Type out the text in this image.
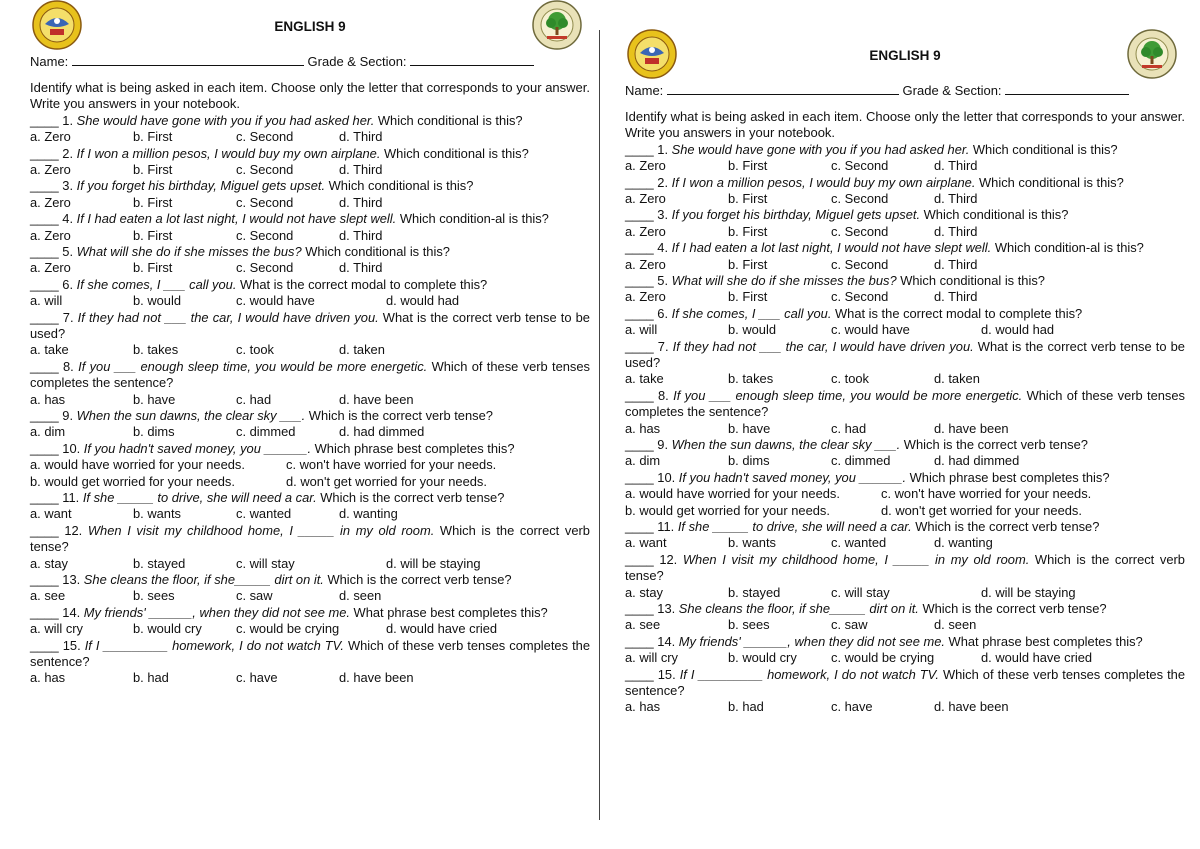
ENGLISH 9
Name:	Grade & Section:
Identify what is being asked in each item. Choose only the letter that corresponds to your answer. Write you answers in your notebook.
____ 1. She would have gone with you if you had asked her. Which conditional is this?
a. Zero	b. First	c. Second	d. Third
____ 2. If I won a million pesos, I would buy my own airplane. Which conditional is this?
a. Zero	b. First	c. Second	d. Third
____ 3. If you forget his birthday, Miguel gets upset. Which conditional is this?
a. Zero	b. First	c. Second	d. Third
____ 4. If I had eaten a lot last night, I would not have slept well. Which condition-al is this?
a. Zero	b. First	c. Second	d. Third
____ 5. What will she do if she misses the bus? Which conditional is this?
a. Zero	b. First	c. Second	d. Third
____ 6. If she comes, I ___ call you. What is the correct modal to complete this?
a. will	b. would	c. would have	d. would had
____ 7. If they had not ___ the car, I would have driven you. What is the correct verb tense to be used?
a. take	b. takes	c. took	d. taken
____ 8. If you ___ enough sleep time, you would be more energetic. Which of these verb tenses completes the sentence?
a. has	b. have	c. had	d. have been
____ 9. When the sun dawns, the clear sky ___. Which is the correct verb tense?
a. dim	b. dims	c. dimmed	d. had dimmed
____ 10. If you hadn't saved money, you ______. Which phrase best completes this?
a. would have worried for your needs.	c. won't have worried for your needs.
b. would get worried for your needs.	d. won't get worried for your needs.
____ 11. If she _____ to drive, she will need a car. Which is the correct verb tense?
a. want	b. wants	c. wanted	d. wanting
____ 12. When I visit my childhood home, I _____ in my old room. Which is the correct verb tense?
a. stay	b. stayed	c. will stay	d. will be staying
____ 13. She cleans the floor, if she_____ dirt on it. Which is the correct verb tense?
a. see	b. sees	c. saw	d. seen
____ 14. My friends' ______, when they did not see me. What phrase best completes this?
a. will cry	b. would cry	c. would be crying	d. would have cried
____ 15. If I _________ homework, I do not watch TV. Which of these verb tenses completes the sentence?
a. has	b. had	c. have	d. have been
ENGLISH 9
Name:	Grade & Section:
Identify what is being asked in each item. Choose only the letter that corresponds to your answer. Write you answers in your notebook.
____ 1. She would have gone with you if you had asked her. Which conditional is this?
a. Zero	b. First	c. Second	d. Third
____ 2. If I won a million pesos, I would buy my own airplane. Which conditional is this?
a. Zero	b. First	c. Second	d. Third
____ 3. If you forget his birthday, Miguel gets upset. Which conditional is this?
a. Zero	b. First	c. Second	d. Third
____ 4. If I had eaten a lot last night, I would not have slept well. Which condition-al is this?
a. Zero	b. First	c. Second	d. Third
____ 5. What will she do if she misses the bus? Which conditional is this?
a. Zero	b. First	c. Second	d. Third
____ 6. If she comes, I ___ call you. What is the correct modal to complete this?
a. will	b. would	c. would have	d. would had
____ 7. If they had not ___ the car, I would have driven you. What is the correct verb tense to be used?
a. take	b. takes	c. took	d. taken
____ 8. If you ___ enough sleep time, you would be more energetic. Which of these verb tenses completes the sentence?
a. has	b. have	c. had	d. have been
____ 9. When the sun dawns, the clear sky ___. Which is the correct verb tense?
a. dim	b. dims	c. dimmed	d. had dimmed
____ 10. If you hadn't saved money, you ______. Which phrase best completes this?
a. would have worried for your needs.	c. won't have worried for your needs.
b. would get worried for your needs.	d. won't get worried for your needs.
____ 11. If she _____ to drive, she will need a car. Which is the correct verb tense?
a. want	b. wants	c. wanted	d. wanting
____ 12. When I visit my childhood home, I _____ in my old room. Which is the correct verb tense?
a. stay	b. stayed	c. will stay	d. will be staying
____ 13. She cleans the floor, if she_____ dirt on it. Which is the correct verb tense?
a. see	b. sees	c. saw	d. seen
____ 14. My friends' ______, when they did not see me. What phrase best completes this?
a. will cry	b. would cry	c. would be crying	d. would have cried
____ 15. If I _________ homework, I do not watch TV. Which of these verb tenses completes the sentence?
a. has	b. had	c. have	d. have been
